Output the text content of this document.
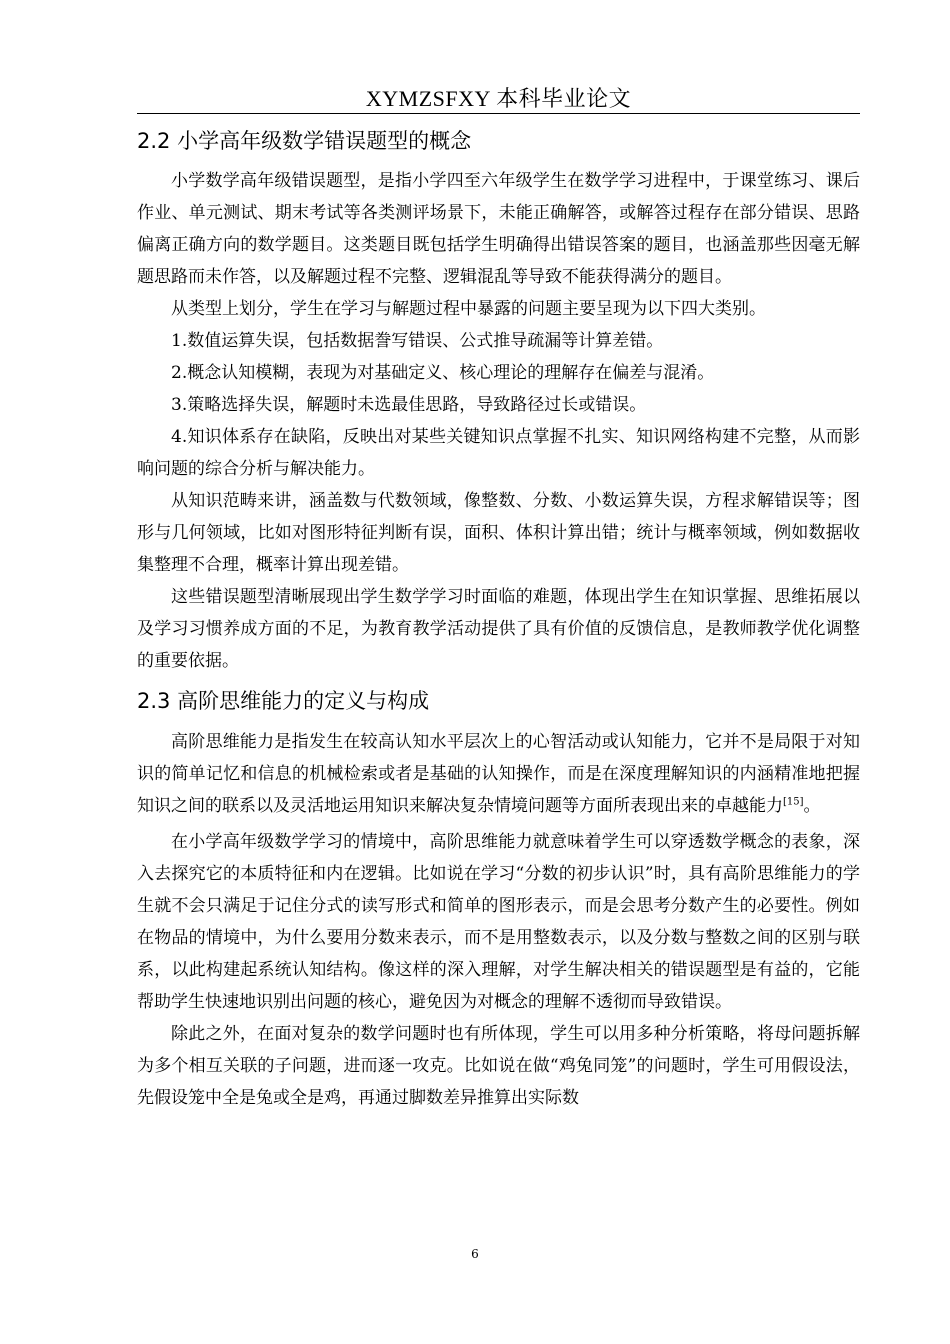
XYMZSFXY 本科毕业论文
2.2 小学高年级数学错误题型的概念

小学数学高年级错误题型，是指小学四至六年级学生在数学学习进程中，于课堂练习、课后作业、单元测试、期末考试等各类测评场景下，未能正确解答，或解答过程存在部分错误、思路偏离正确方向的数学题目。这类题目既包括学生明确得出错误答案的题目，也涵盖那些因毫无解题思路而未作答，以及解题过程不完整、逻辑混乱等导致不能获得满分的题目。

从类型上划分，学生在学习与解题过程中暴露的问题主要呈现为以下四大类别。

1.数值运算失误，包括数据誊写错误、公式推导疏漏等计算差错。

2.概念认知模糊，表现为对基础定义、核心理论的理解存在偏差与混淆。

3.策略选择失误，解题时未选最佳思路，导致路径过长或错误。

4.知识体系存在缺陷，反映出对某些关键知识点掌握不扎实、知识网络构建不完整，从而影响问题的综合分析与解决能力。

从知识范畴来讲，涵盖数与代数领域，像整数、分数、小数运算失误，方程求解错误等；图形与几何领域，比如对图形特征判断有误，面积、体积计算出错；统计与概率领域，例如数据收集整理不合理，概率计算出现差错。

这些错误题型清晰展现出学生数学学习时面临的难题，体现出学生在知识掌握、思维拓展以及学习习惯养成方面的不足，为教育教学活动提供了具有价值的反馈信息，是教师教学优化调整的重要依据。

2.3 高阶思维能力的定义与构成

高阶思维能力是指发生在较高认知水平层次上的心智活动或认知能力，它并不是局限于对知识的简单记忆和信息的机械检索或者是基础的认知操作，而是在深度理解知识的内涵精准地把握知识之间的联系以及灵活地运用知识来解决复杂情境问题等方面所表现出来的卓越能力[15]。

在小学高年级数学学习的情境中，高阶思维能力就意味着学生可以穿透数学概念的表象，深入去探究它的本质特征和内在逻辑。比如说在学习“分数的初步认识”时，具有高阶思维能力的学生就不会只满足于记住分式的读写形式和简单的图形表示，而是会思考分数产生的必要性。例如在物品的情境中，为什么要用分数来表示，而不是用整数表示，以及分数与整数之间的区别与联系，以此构建起系统认知结构。像这样的深入理解，对学生解决相关的错误题型是有益的，它能帮助学生快速地识别出问题的核心，避免因为对概念的理解不透彻而导致错误。

除此之外，在面对复杂的数学问题时也有所体现，学生可以用多种分析策略，将母问题拆解为多个相互关联的子问题，进而逐一攻克。比如说在做“鸡兔同笼”的问题时，学生可用假设法，先假设笼中全是兔或全是鸡，再通过脚数差异推算出实际数

6
